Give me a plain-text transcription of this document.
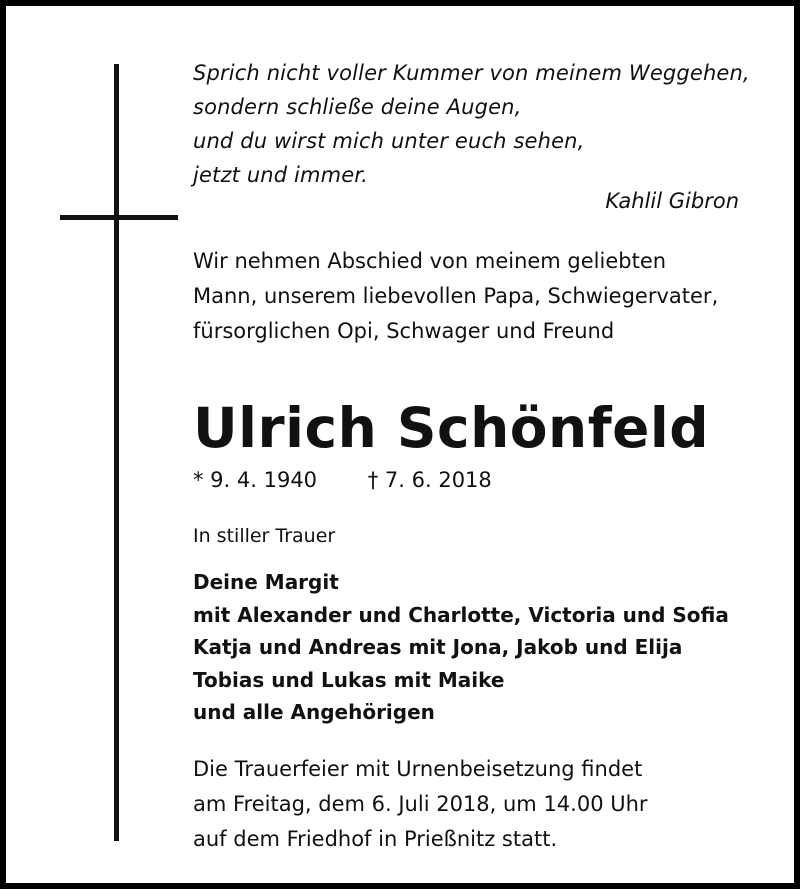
Sprich nicht voller Kummer von meinem Weggehen,
sondern schließe deine Augen,
und du wirst mich unter euch sehen,
jetzt und immer.
Kahlil Gibron
Wir nehmen Abschied von meinem geliebten
Mann, unserem liebevollen Papa, Schwiegervater,
fürsorglichen Opi, Schwager und Freund
Ulrich Schönfeld
* 9. 4. 1940 † 7. 6. 2018
In stiller Trauer
Deine Margit
mit Alexander und Charlotte, Victoria und Sofia
Katja und Andreas mit Jona, Jakob und Elija
Tobias und Lukas mit Maike
und alle Angehörigen
Die Trauerfeier mit Urnenbeisetzung findet
am Freitag, dem 6. Juli 2018, um 14.00 Uhr
auf dem Friedhof in Prießnitz statt.
